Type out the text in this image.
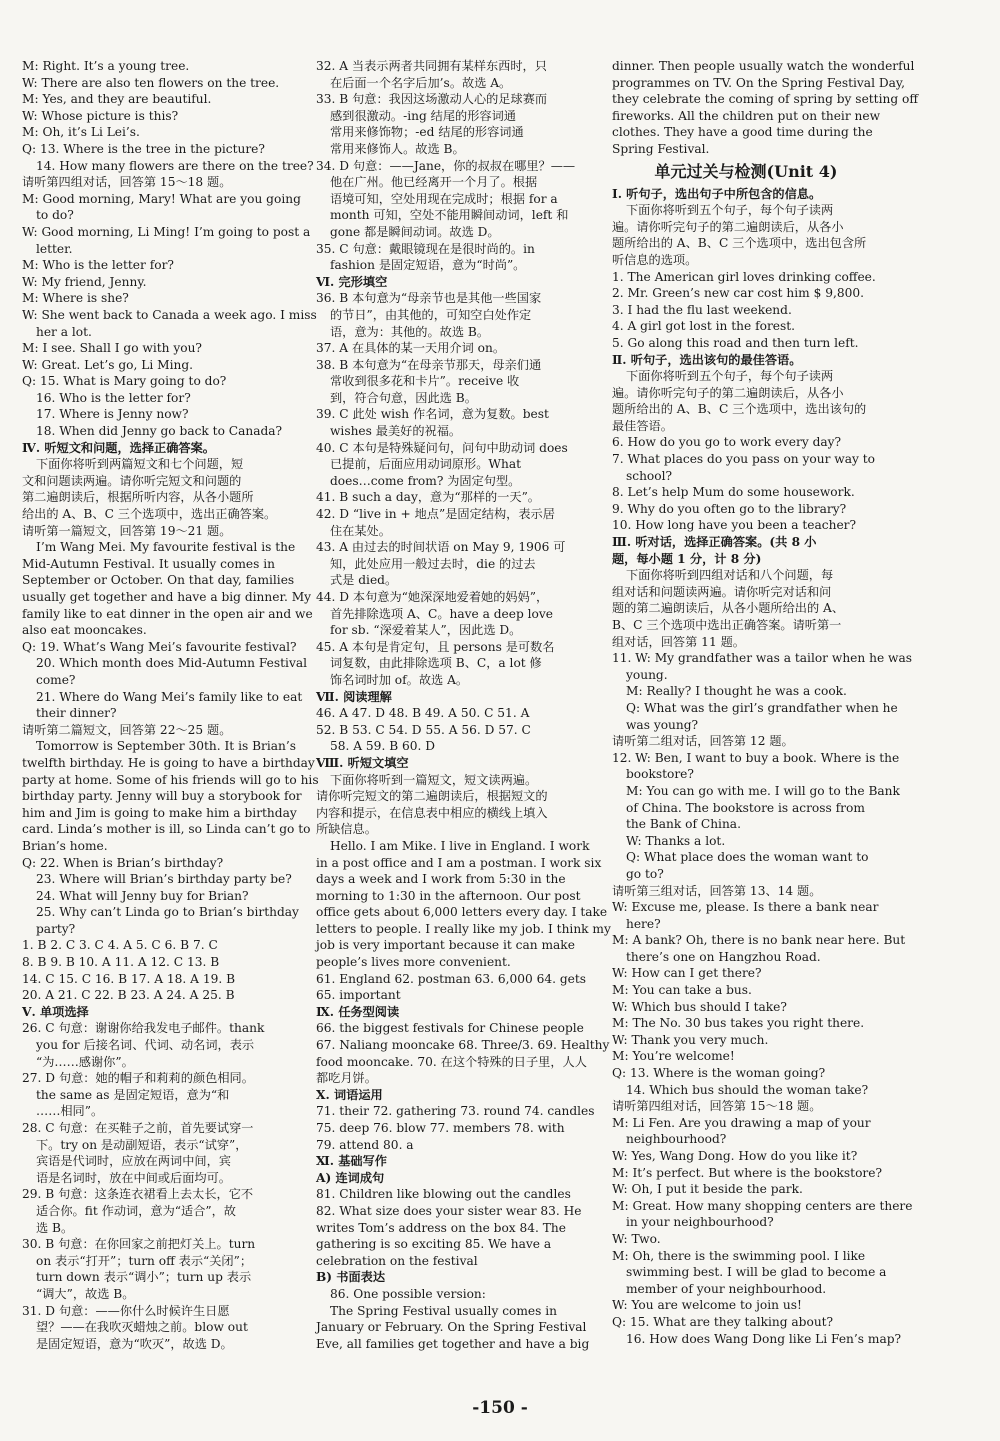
M: Right. It’s a young tree.
W: There are also ten flowers on the tree.
M: Yes, and they are beautiful.
W: Whose picture is this?
M: Oh, it’s Li Lei’s.
Q: 13. Where is the tree in the picture?
14. How many flowers are there on the tree?
请听第四组对话，回答第 15～18 题。
M: Good morning, Mary! What are you going
to do?
W: Good morning, Li Ming! I’m going to post a
letter.
M: Who is the letter for?
W: My friend, Jenny.
M: Where is she?
W: She went back to Canada a week ago. I miss
her a lot.
M: I see. Shall I go with you?
W: Great. Let’s go, Li Ming.
Q: 15. What is Mary going to do?
16. Who is the letter for?
17. Where is Jenny now?
18. When did Jenny go back to Canada?
Ⅳ. 听短文和问题，选择正确答案。
下面你将听到两篇短文和七个问题，短
文和问题读两遍。请你听完短文和问题的
第二遍朗读后，根据所听内容，从各小题所
给出的 A、B、C 三个选项中，选出正确答案。
请听第一篇短文，回答第 19～21 题。
I’m Wang Mei. My favourite festival is the
Mid-Autumn Festival. It usually comes in
September or October. On that day, families
usually get together and have a big dinner. My
family like to eat dinner in the open air and we
also eat mooncakes.
Q: 19. What’s Wang Mei’s favourite festival?
20. Which month does Mid-Autumn Festival
come?
21. Where do Wang Mei’s family like to eat
their dinner?
请听第二篇短文，回答第 22～25 题。
Tomorrow is September 30th. It is Brian’s
twelfth birthday. He is going to have a birthday
party at home. Some of his friends will go to his
birthday party. Jenny will buy a storybook for
him and Jim is going to make him a birthday
card. Linda’s mother is ill, so Linda can’t go to
Brian’s home.
Q: 22. When is Brian’s birthday?
23. Where will Brian’s birthday party be?
24. What will Jenny buy for Brian?
25. Why can’t Linda go to Brian’s birthday
party?
1. B 2. C 3. C 4. A 5. C 6. B 7. C
8. B 9. B 10. A 11. A 12. C 13. B
14. C 15. C 16. B 17. A 18. A 19. B
20. A 21. C 22. B 23. A 24. A 25. B
Ⅴ. 单项选择
26. C 句意：谢谢你给我发电子邮件。thank
you for 后接名词、代词、动名词，表示
“为……感谢你”。
27. D 句意：她的帽子和莉莉的颜色相同。
the same as 是固定短语，意为“和
……相同”。
28. C 句意：在买鞋子之前，首先要试穿一
下。try on 是动副短语，表示“试穿”，
宾语是代词时，应放在两词中间，宾
语是名词时，放在中间或后面均可。
29. B 句意：这条连衣裙看上去太长，它不
适合你。fit 作动词，意为“适合”，故
选 B。
30. B 句意：在你回家之前把灯关上。turn
on 表示“打开”；turn off 表示“关闭”；
turn down 表示“调小”；turn up 表示
“调大”，故选 B。
31. D 句意：——你什么时候许生日愿
望？——在我吹灭蜡烛之前。blow out
是固定短语，意为“吹灭”，故选 D。
32. A 当表示两者共同拥有某样东西时，只
在后面一个名字后加’s。故选 A。
33. B 句意：我因这场激动人心的足球赛而
感到很激动。-ing 结尾的形容词通
常用来修饰物；-ed 结尾的形容词通
常用来修饰人。故选 B。
34. D 句意：——Jane，你的叔叔在哪里？——
他在广州。他已经离开一个月了。根据
语境可知，空处用现在完成时；根据 for a
month 可知，空处不能用瞬间动词，left 和
gone 都是瞬间动词。故选 D。
35. C 句意：戴眼镜现在是很时尚的。in
fashion 是固定短语，意为“时尚”。
Ⅵ. 完形填空
36. B 本句意为“母亲节也是其他一些国家
的节日”，由其他的，可知空白处作定
语，意为：其他的。故选 B。
37. A 在具体的某一天用介词 on。
38. B 本句意为“在母亲节那天，母亲们通
常收到很多花和卡片”。receive 收
到，符合句意，因此选 B。
39. C 此处 wish 作名词，意为复数。best
wishes 最美好的祝福。
40. C 本句是特殊疑问句，问句中助动词 does
已提前，后面应用动词原形。What
does…come from? 为固定句型。
41. B such a day，意为“那样的一天”。
42. D “live in + 地点”是固定结构，表示居
住在某处。
43. A 由过去的时间状语 on May 9, 1906 可
知，此处应用一般过去时，die 的过去
式是 died。
44. D 本句意为“她深深地爱着她的妈妈”，
首先排除选项 A、C。have a deep love
for sb. “深爱着某人”，因此选 D。
45. A 本句是肯定句，且 persons 是可数名
词复数，由此排除选项 B、C，a lot 修
饰名词时加 of。故选 A。
Ⅶ. 阅读理解
46. A 47. D 48. B 49. A 50. C 51. A
52. B 53. C 54. D 55. A 56. D 57. C
58. A 59. B 60. D
Ⅷ. 听短文填空
下面你将听到一篇短文，短文读两遍。
请你听完短文的第二遍朗读后，根据短文的
内容和提示，在信息表中相应的横线上填入
所缺信息。
Hello. I am Mike. I live in England. I work
in a post office and I am a postman. I work six
days a week and I work from 5:30 in the
morning to 1:30 in the afternoon. Our post
office gets about 6,000 letters every day. I take
letters to people. I really like my job. I think my
job is very important because it can make
people’s lives more convenient.
61. England 62. postman 63. 6,000 64. gets
65. important
Ⅸ. 任务型阅读
66. the biggest festivals for Chinese people
67. Naliang mooncake 68. Three/3. 69. Healthy
food mooncake. 70. 在这个特殊的日子里，人人
都吃月饼。
Ⅹ. 词语运用
71. their 72. gathering 73. round 74. candles
75. deep 76. blow 77. members 78. with
79. attend 80. a
Ⅺ. 基础写作
A) 连词成句
81. Children like blowing out the candles
82. What size does your sister wear 83. He
writes Tom’s address on the box 84. The
gathering is so exciting 85. We have a
celebration on the festival
B) 书面表达
86. One possible version:
The Spring Festival usually comes in
January or February. On the Spring Festival
Eve, all families get together and have a big
dinner. Then people usually watch the wonderful
programmes on TV. On the Spring Festival Day,
they celebrate the coming of spring by setting off
fireworks. All the children put on their new
clothes. They have a good time during the
Spring Festival.
单元过关与检测(Unit 4)
Ⅰ. 听句子，选出句子中所包含的信息。
下面你将听到五个句子，每个句子读两
遍。请你听完句子的第二遍朗读后，从各小
题所给出的 A、B、C 三个选项中，选出包含所
听信息的选项。
1. The American girl loves drinking coffee.
2. Mr. Green’s new car cost him $ 9,800.
3. I had the flu last weekend.
4. A girl got lost in the forest.
5. Go along this road and then turn left.
Ⅱ. 听句子，选出该句的最佳答语。
下面你将听到五个句子，每个句子读两
遍。请你听完句子的第二遍朗读后，从各小
题所给出的 A、B、C 三个选项中，选出该句的
最佳答语。
6. How do you go to work every day?
7. What places do you pass on your way to
school?
8. Let’s help Mum do some housework.
9. Why do you often go to the library?
10. How long have you been a teacher?
Ⅲ. 听对话，选择正确答案。(共 8 小
题，每小题 1 分，计 8 分)
下面你将听到四组对话和八个问题，每
组对话和问题读两遍。请你听完对话和问
题的第二遍朗读后，从各小题所给出的 A、
B、C 三个选项中选出正确答案。请听第一
组对话，回答第 11 题。
11. W: My grandfather was a tailor when he was
young.
M: Really? I thought he was a cook.
Q: What was the girl’s grandfather when he
was young?
请听第二组对话，回答第 12 题。
12. W: Ben, I want to buy a book. Where is the
bookstore?
M: You can go with me. I will go to the Bank
of China. The bookstore is across from
the Bank of China.
W: Thanks a lot.
Q: What place does the woman want to
go to?
请听第三组对话，回答第 13、14 题。
W: Excuse me, please. Is there a bank near
here?
M: A bank? Oh, there is no bank near here. But
there’s one on Hangzhou Road.
W: How can I get there?
M: You can take a bus.
W: Which bus should I take?
M: The No. 30 bus takes you right there.
W: Thank you very much.
M: You’re welcome!
Q: 13. Where is the woman going?
14. Which bus should the woman take?
请听第四组对话，回答第 15～18 题。
M: Li Fen. Are you drawing a map of your
neighbourhood?
W: Yes, Wang Dong. How do you like it?
M: It’s perfect. But where is the bookstore?
W: Oh, I put it beside the park.
M: Great. How many shopping centers are there
in your neighbourhood?
W: Two.
M: Oh, there is the swimming pool. I like
swimming best. I will be glad to become a
member of your neighbourhood.
W: You are welcome to join us!
Q: 15. What are they talking about?
16. How does Wang Dong like Li Fen’s map?
-150 -
